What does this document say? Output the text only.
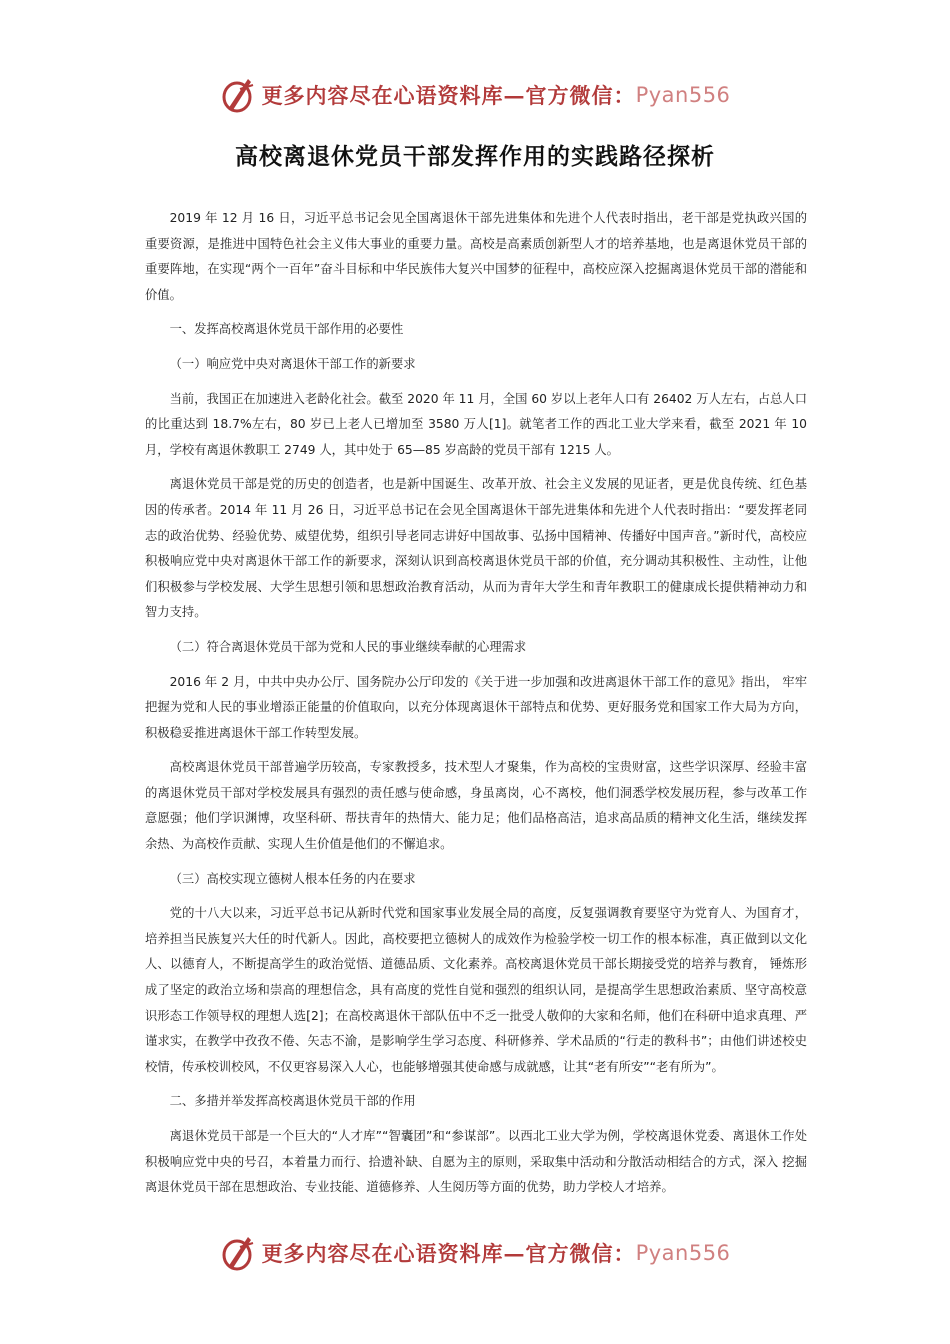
更多内容尽在心语资料库—官方微信： Pyan556
高校离退休党员干部发挥作用的实践路径探析

2019 年 12 月 16 日，习近平总书记会见全国离退休干部先进集体和先进个人代表时指出，老干部是党执政兴国的 重要资源，是推进中国特色社会主义伟大事业的重要力量。高校是高素质创新型人才的培养基地，也是离退休党员干部的重要阵地，在实现“两个一百年”奋斗目标和中华民族伟大复兴中国梦的征程中，高校应深入挖掘离退休党员干部的潜能和价值。

一、发挥高校离退休党员干部作用的必要性

（一）响应党中央对离退休干部工作的新要求

当前，我国正在加速进入老龄化社会。截至 2020 年 11 月，全国 60 岁以上老年人口有 26402 万人左右，占总人口的比重达到 18.7%左右，80 岁已上老人已增加至 3580 万人[1]。就笔者工作的西北工业大学来看，截至 2021 年 10 月，学校有离退休教职工 2749 人，其中处于 65—85 岁高龄的党员干部有 1215 人。

离退休党员干部是党的历史的创造者，也是新中国诞生、改革开放、社会主义发展的见证者，更是优良传统、红色基因的传承者。2014 年 11 月 26 日，习近平总书记在会见全国离退休干部先进集体和先进个人代表时指出：“要发挥老同志的政治优势、经验优势、威望优势，组织引导老同志讲好中国故事、弘扬中国精神、传播好中国声音。”新时代，高校应积极响应党中央对离退休干部工作的新要求，深刻认识到高校离退休党员干部的价值，充分调动其积极性、主动性，让他们积极参与学校发展、大学生思想引领和思想政治教育活动，从而为青年大学生和青年教职工的健康成长提供精神动力和智力支持。

（二）符合离退休党员干部为党和人民的事业继续奉献的心理需求

2016 年 2 月，中共中央办公厅、国务院办公厅印发的《关于进一步加强和改进离退休干部工作的意见》指出， 牢牢把握为党和人民的事业增添正能量的价值取向，以充分体现离退休干部特点和优势、更好服务党和国家工作大局为方向，积极稳妥推进离退休干部工作转型发展。

高校离退休党员干部普遍学历较高，专家教授多，技术型人才聚集，作为高校的宝贵财富，这些学识深厚、经验丰富的离退休党员干部对学校发展具有强烈的责任感与使命感，身虽离岗，心不离校，他们洞悉学校发展历程，参与改革工作意愿强；他们学识渊博，攻坚科研、帮扶青年的热情大、能力足；他们品格高洁，追求高品质的精神文化生活，继续发挥余热、为高校作贡献、实现人生价值是他们的不懈追求。

（三）高校实现立德树人根本任务的内在要求

党的十八大以来，习近平总书记从新时代党和国家事业发展全局的高度，反复强调教育要坚守为党育人、为国育才，培养担当民族复兴大任的时代新人。因此，高校要把立德树人的成效作为检验学校一切工作的根本标准，真正做到以文化人、以德育人，不断提高学生的政治觉悟、道德品质、文化素养。高校离退休党员干部长期接受党的培养与教育， 锤炼形成了坚定的政治立场和崇高的理想信念，具有高度的党性自觉和强烈的组织认同，是提高学生思想政治素质、坚守高校意识形态工作领导权的理想人选[2]；在高校离退休干部队伍中不乏一批受人敬仰的大家和名师，他们在科研中追求真理、严谨求实，在教学中孜孜不倦、矢志不渝，是影响学生学习态度、科研修养、学术品质的“行走的教科书”；由他们讲述校史校情，传承校训校风，不仅更容易深入人心，也能够增强其使命感与成就感，让其“老有所安”“老有所为”。

二、多措并举发挥高校离退休党员干部的作用

离退休党员干部是一个巨大的“人才库”“智囊团”和“参谋部”。以西北工业大学为例，学校离退休党委、离退休工作处积极响应党中央的号召，本着量力而行、拾遗补缺、自愿为主的原则，采取集中活动和分散活动相结合的方式，深入 挖掘离退休党员干部在思想政治、专业技能、道德修养、人生阅历等方面的优势，助力学校人才培养。

更多内容尽在心语资料库—官方微信： Pyan556
